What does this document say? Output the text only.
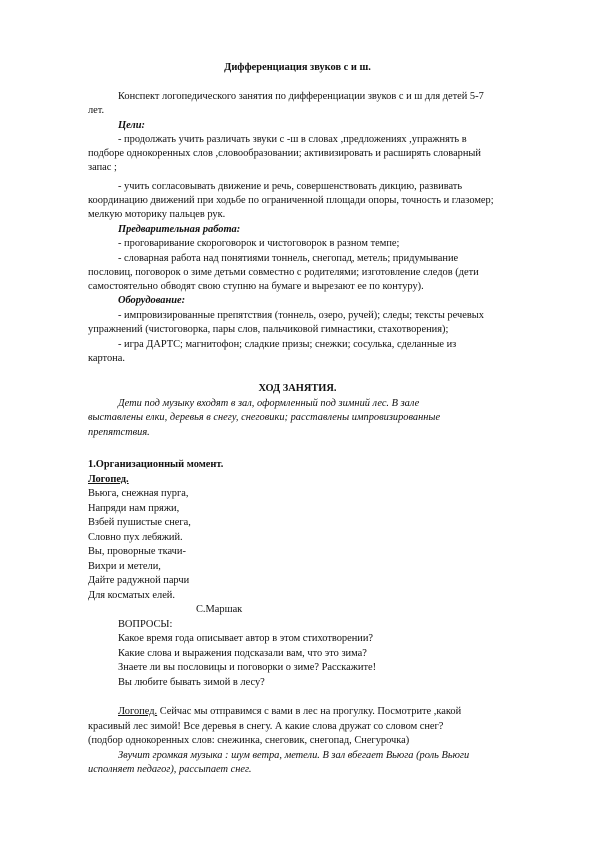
Дифференциация звуков с и ш.
Конспект логопедического занятия по дифференциации звуков с и ш для детей 5-7
лет.
Цели:
- продолжать учить различать звуки с -ш в словах ,предложениях ,упражнять в
подборе однокоренных слов ,словообразовании; активизировать и расширять словарный
запас ;
- учить согласовывать движение и речь, совершенствовать дикцию, развивать
координацию движений при ходьбе по ограниченной площади опоры, точность и глазомер;
мелкую моторику пальцев рук.
Предварительная работа:
- проговаривание скороговорок и чистоговорок в разном темпе;
- словарная работа над понятиями тоннель, снегопад, метель; придумывание
пословиц, поговорок о зиме детьми совместно с родителями; изготовление следов (дети
самостоятельно обводят свою ступню на бумаге и вырезают ее по контуру).
Оборудование:
- импровизированные препятствия (тоннель, озеро, ручей); следы; тексты речевых
упражнений (чистоговорка, пары слов, пальчиковой гимнастики, стахотворения);
- игра ДАРТС; магнитофон; сладкие призы; снежки; сосулька, сделанные из
картона.
ХОД ЗАНЯТИЯ.
Дети под музыку входят в зал, оформленный под зимний лес. В зале
выставлены елки, деревья в снегу, снеговики; расставлены импровизированные
препятствия.
1.Организационный момент.
Логопед.
Вьюга, снежная пурга,
Напряди нам пряжи,
Взбей пушистые снега,
Словно пух лебяжий.
Вы, проворные ткачи-
Вихри и метели,
Дайте радужной парчи
Для косматых елей.
С.Маршак
ВОПРОСЫ:
Какое время года описывает автор в этом стихотворении?
Какие слова и выражения подсказали вам, что это зима?
Знаете ли вы пословицы и поговорки о зиме? Расскажите!
Вы любите бывать зимой в лесу?
Логопед. Сейчас мы отправимся с вами в лес на прогулку. Посмотрите ,какой
красивый лес зимой! Все деревья в снегу. А какие слова дружат со словом снег?
(подбор однокоренных слов: снежинка, снеговик, снегопад, Снегурочка)
Звучит громкая музыка : шум ветра, метели. В зал вбегает Вьюга (роль Вьюги
исполняет педагог), рассыпает снег.
